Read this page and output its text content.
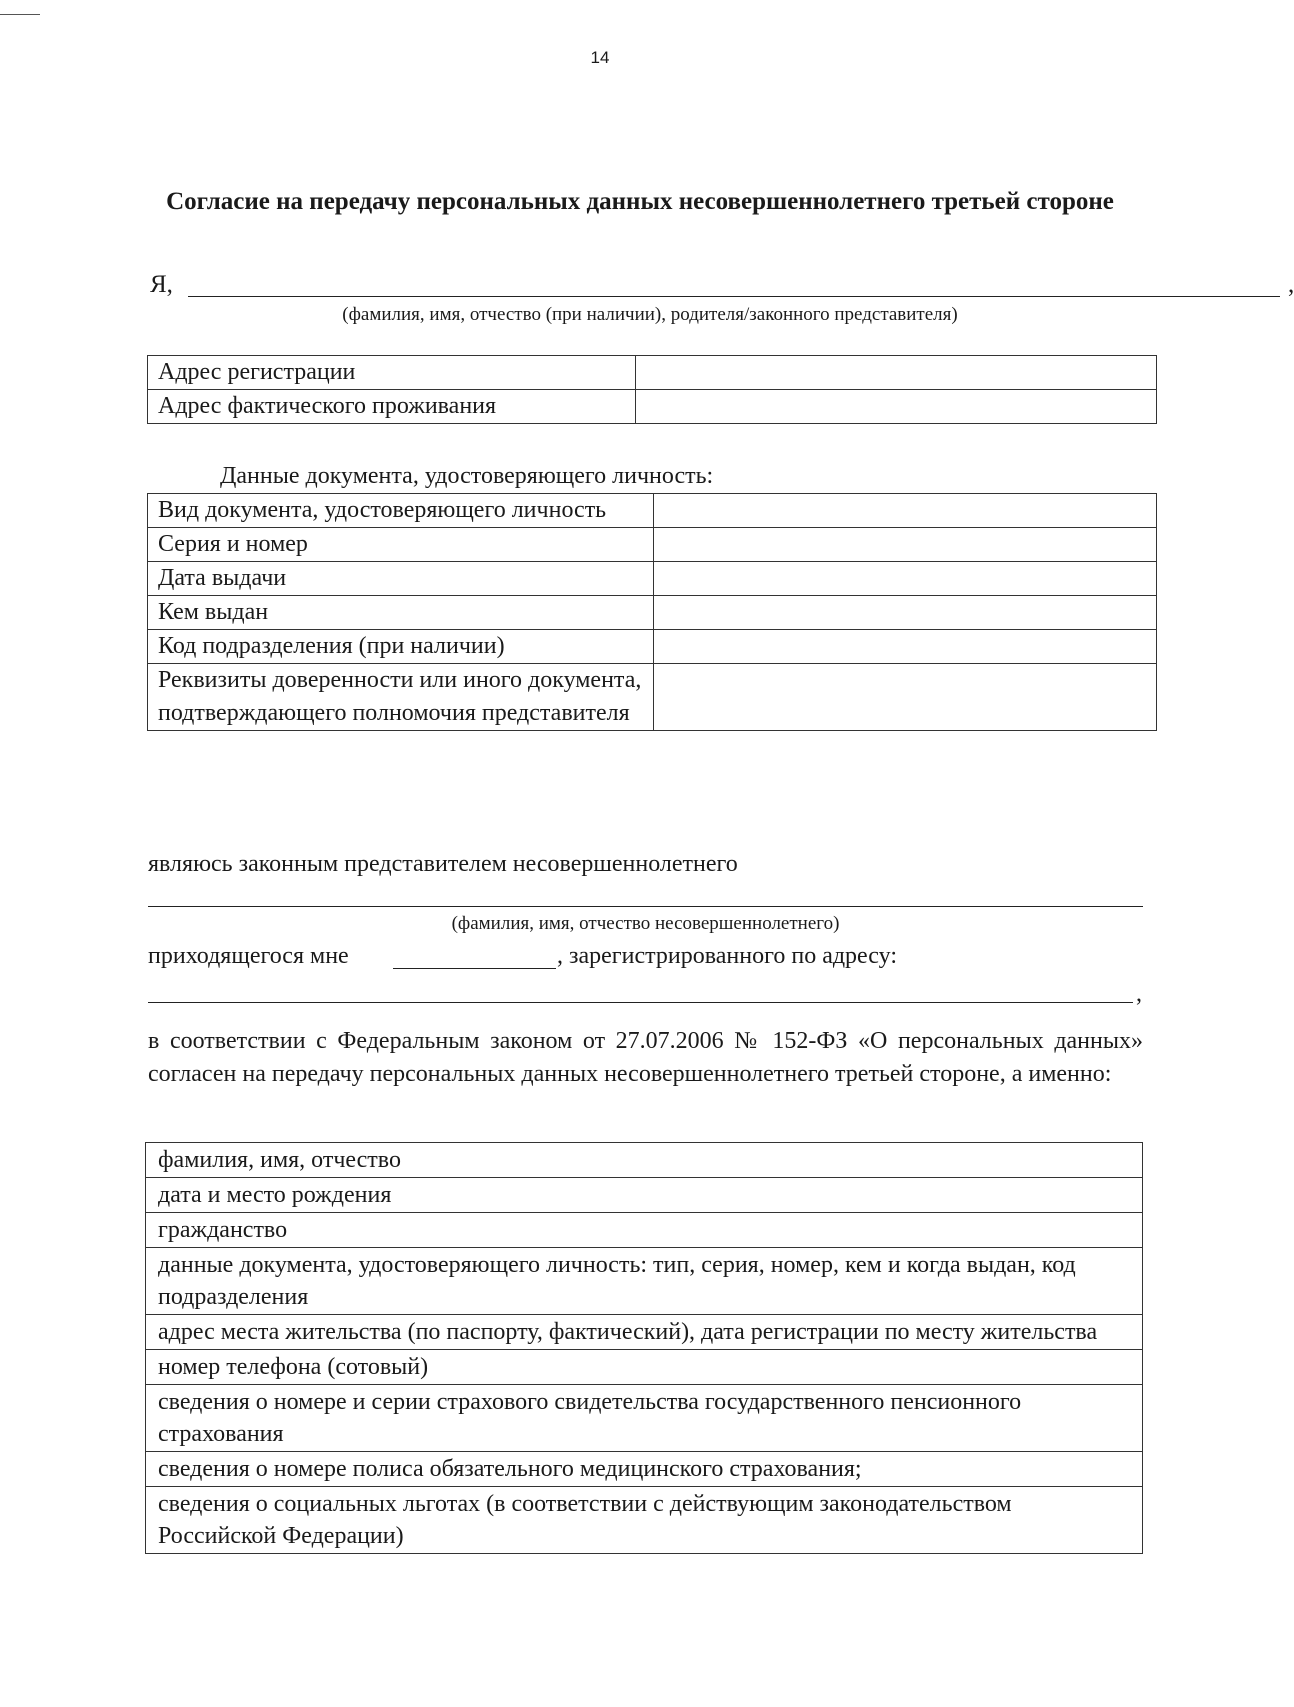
14
Согласие на передачу персональных данных несовершеннолетнего третьей стороне
Я,	,
(фамилия, имя, отчество (при наличии), родителя/законного представителя)
Адрес регистрации	
Адрес фактического проживания	
Данные документа, удостоверяющего личность:
Вид документа, удостоверяющего личность	
Серия и номер	
Дата выдачи	
Кем выдан	
Код подразделения (при наличии)	
Реквизиты доверенности или иного документа, подтверждающего полномочия представителя	
являюсь законным представителем несовершеннолетнего
(фамилия, имя, отчество несовершеннолетнего)
приходящегося мне	, зарегистрированного по адресу:
,
в соответствии с Федеральным законом от 27.07.2006 № 152-ФЗ «О персональных данных» согласен на передачу персональных данных несовершеннолетнего третьей стороне, а именно:
фамилия, имя, отчество
дата и место рождения
гражданство
данные документа, удостоверяющего личность: тип, серия, номер, кем и когда выдан, код подразделения
адрес места жительства (по паспорту, фактический), дата регистрации по месту жительства
номер телефона (сотовый)
сведения о номере и серии страхового свидетельства государственного пенсионного страхования
сведения о номере полиса обязательного медицинского страхования;
сведения о социальных льготах (в соответствии с действующим законодательством Российской Федерации)
